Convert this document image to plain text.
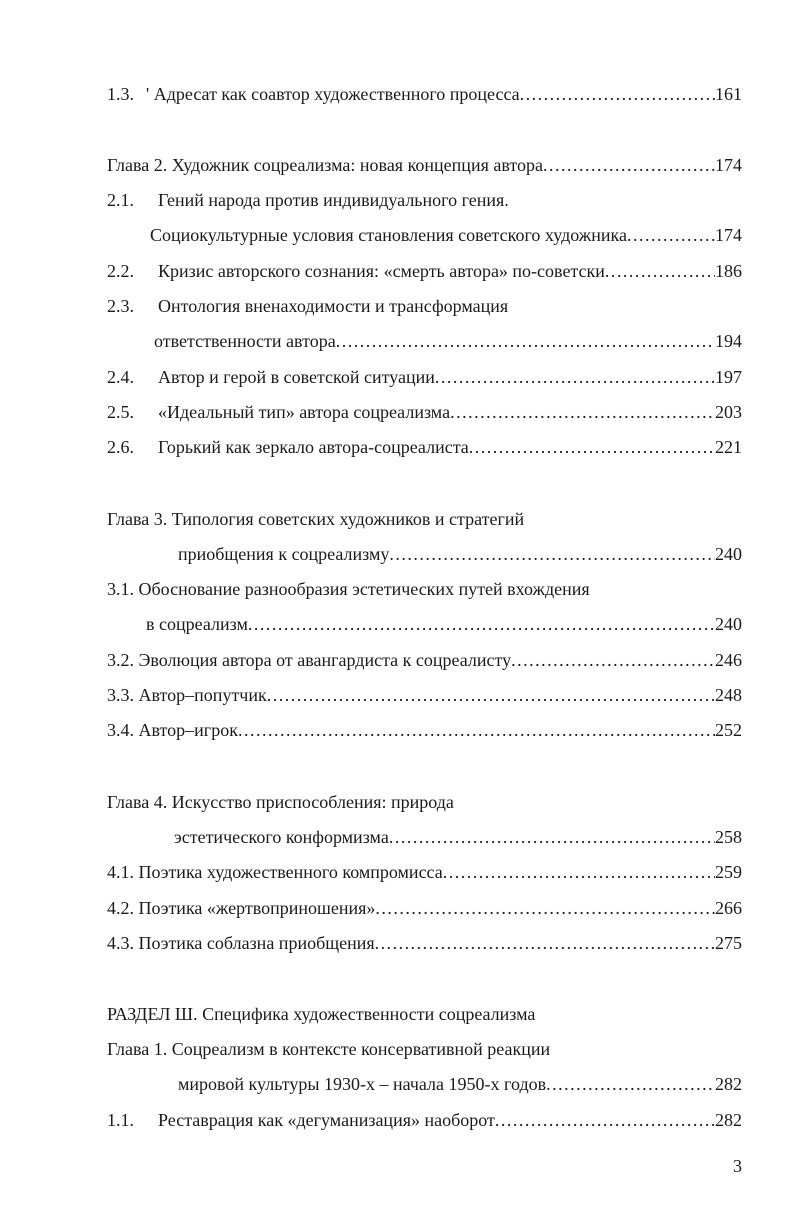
1.3. ' Адресат как соавтор художественного процесса .....	161
Глава 2. Художник соцреализма: новая концепция автора .....	174
2.1. Гений народа против индивидуального гения.
Социокультурные условия становления советского художника .....	174
2.2. Кризис авторского сознания: «смерть автора» по-советски .....	186
2.3. Онтология вненаходимости и трансформация
ответственности автора .....	194
2.4. Автор и герой в советской ситуации .....	197
2.5. «Идеальный тип» автора соцреализма .....	203
2.6. Горький как зеркало автора-соцреалиста .....	221
Глава 3. Типология советских художников и стратегий
приобщения к соцреализму .....	240
3.1. Обоснование разнообразия эстетических путей вхождения
в соцреализм .....	240
3.2. Эволюция автора от авангардиста к соцреалисту .....	246
3.3. Автор–попутчик .....	248
3.4. Автор–игрок .....	252
Глава 4. Искусство приспособления: природа
эстетического конформизма .....	258
4.1. Поэтика художественного компромисса .....	259
4.2. Поэтика «жертвоприношения» .....	266
4.3. Поэтика соблазна приобщения .....	275
РАЗДЕЛ Ш. Специфика художественности соцреализма
Глава 1. Соцреализм в контексте консервативной реакции
мировой культуры 1930-х – начала 1950-х годов .....	282
1.1. Реставрация как «дегуманизация» наоборот .....	282
3
